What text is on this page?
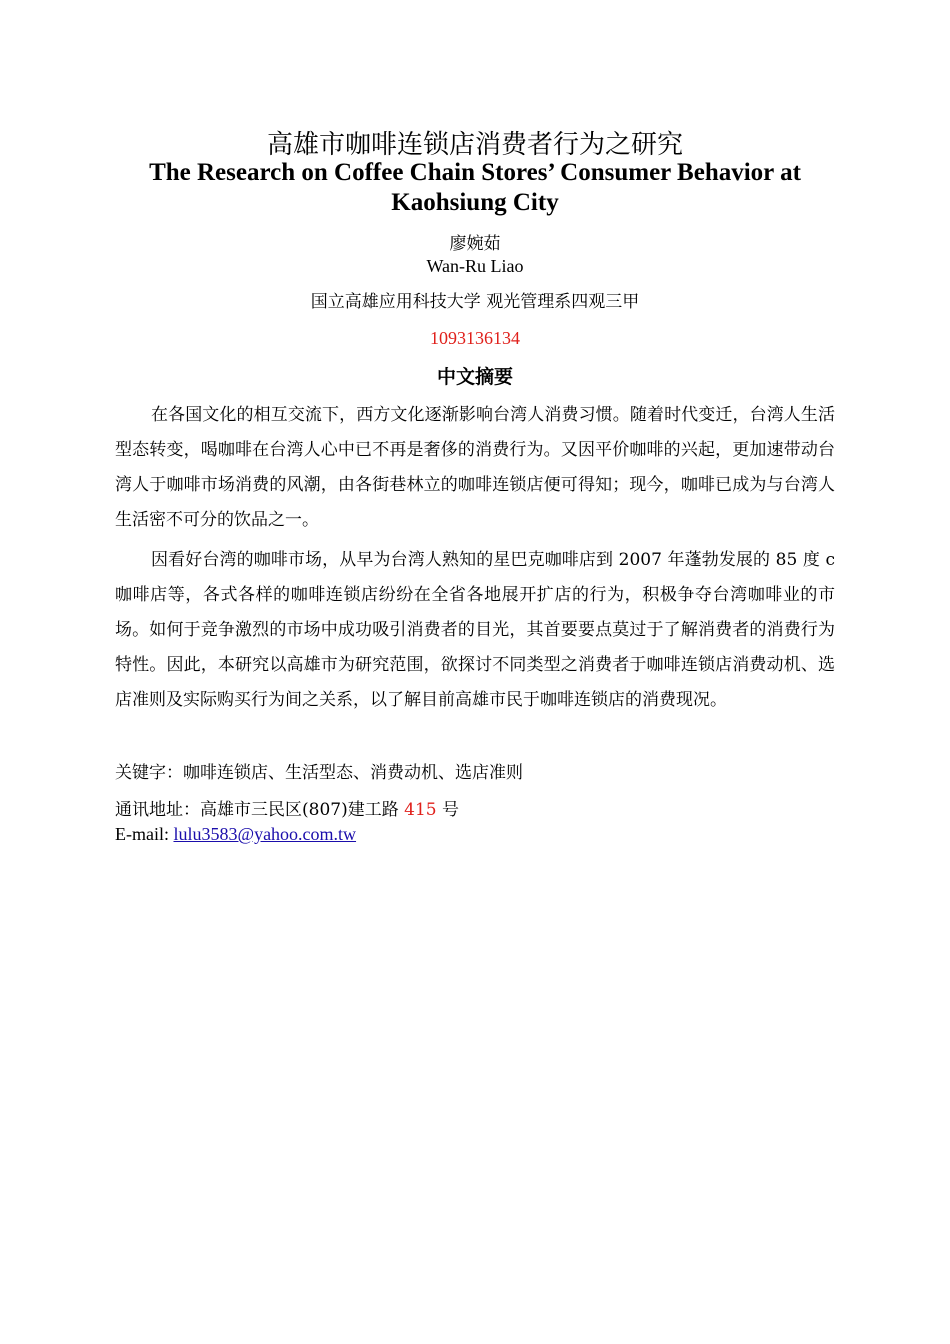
高雄市咖啡连锁店消费者行为之研究
The Research on Coffee Chain Stores’ Consumer Behavior at Kaohsiung City
廖婉茹
Wan-Ru Liao
国立高雄应用科技大学 观光管理系四观三甲
1093136134
中文摘要

在各国文化的相互交流下，西方文化逐渐影响台湾人消费习惯。随着时代变迁，台湾人生活型态转变，喝咖啡在台湾人心中已不再是奢侈的消费行为。又因平价咖啡的兴起，更加速带动台湾人于咖啡市场消费的风潮，由各街巷林立的咖啡连锁店便可得知；现今，咖啡已成为与台湾人生活密不可分的饮品之一。

因看好台湾的咖啡市场，从早为台湾人熟知的星巴克咖啡店到 2007 年蓬勃发展的 85 度 c 咖啡店等，各式各样的咖啡连锁店纷纷在全省各地展开扩店的行为，积极争夺台湾咖啡业的市场。如何于竞争激烈的市场中成功吸引消费者的目光，其首要要点莫过于了解消费者的消费行为特性。因此，本研究以高雄市为研究范围，欲探讨不同类型之消费者于咖啡连锁店消费动机、选店准则及实际购买行为间之关系，以了解目前高雄市民于咖啡连锁店的消费现况。

关键字：咖啡连锁店、生活型态、消费动机、选店准则
通讯地址：高雄市三民区(807)建工路 415 号
E-mail: lulu3583@yahoo.com.tw
